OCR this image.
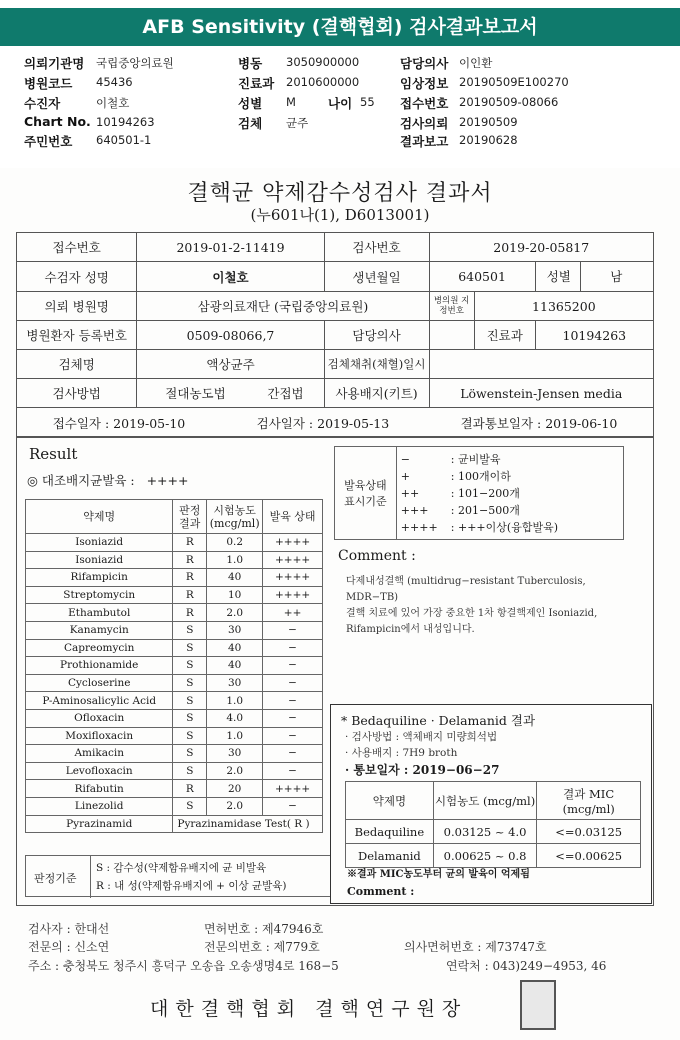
AFB Sensitivity (결핵협회) 검사결과보고서
의뢰기관명 국립중앙의료원
병원코드 45436
수진자	이철호
Chart No. 10194263
주민번호 640501-1
병동 3050900000
진료과 2010600000
성별 M	나이 55
검체 균주
담당의사 이인환
임상정보 20190509E100270
접수번호 20190509-08066
검사의뢰 20190509
결과보고 20190628
결핵균 약제감수성검사 결과서
(누601나(1), D6013001)
접수번호	2019-01-2-11419	검사번호	2019-20-05817		
수검자 성명	이철호	생년월일	640501		성별 남
의뢰 병원명	삼광의료재단 (국립중앙의료원)		병의원 지정번호	11365200	
병원환자 등록번호	0509-08066,7	담당의사		진료과	10194263
검체명	액상균주	검체채취(채혈)일시			
검사방법	절대농도법 간접법	사용배지(키트)	Löwenstein-Jensen media		

접수일자 : 2019-05-10 검사일자 : 2019-05-13 결과통보일자 : 2019-06-10					
Result
◎ 대조배지균발육 : ++++
약제명	판정 결과	시험농도 (mcg/ml)	발육 상태
Isoniazid	R	0.2	++++
Isoniazid	R	1.0	++++
Rifampicin	R	40	++++
Streptomycin	R	10	++++
Ethambutol	R	2.0	++
Kanamycin	S	30	−
Capreomycin	S	40	−
Prothionamide	S	40	−
Cycloserine	S	30	−
P-Aminosalicylic Acid	S	1.0	−
Ofloxacin	S	4.0	−
Moxifloxacin	S	1.0	−
Amikacin	S	30	−
Levofloxacin	S	2.0	−
Rifabutin	R	20	++++
Linezolid	S	2.0	−
Pyrazinamid	Pyrazinamidase Test( R )		
판정기준
S : 감수성(약제함유배지에 균 비발육
R : 내 성(약제함유배지에 + 이상 균발육)
발육상태 표시기준	−	: 균비발육
+	: 100개이하
++	: 101−200개
+++ : 201−500개
++++ : +++이상(융합발육)
Comment :
다제내성결핵 (multidrug−resistant Tuberculosis,
MDR−TB)
결핵 치료에 있어 가장 중요한 1차 항결핵제인 Isoniazid,
Rifampicin에서 내성입니다.
* Bedaquiline · Delamanid 결과
· 검사방법 : 액체배지 미량희석법
· 사용배지 : 7H9 broth
· 통보일자 : 2019−06−27
약제명	시험농도 (mcg/ml)	결과 MIC (mcg/ml)
Bedaquiline	0.03125 ~ 4.0	<=0.03125
Delamanid	0.00625 ~ 0.8	<=0.00625
※결과 MIC농도부터 균의 발육이 억제됨
Comment :
검사자 : 한대선	면허번호 : 제47946호
전문의 : 신소연	전문의번호 : 제779호	의사면허번호 : 제73747호
주소 : 충청북도 청주시 흥덕구 오송읍 오송생명4로 168−5	연락처 : 043)249−4953, 46
대한결핵협회 결핵연구원장
